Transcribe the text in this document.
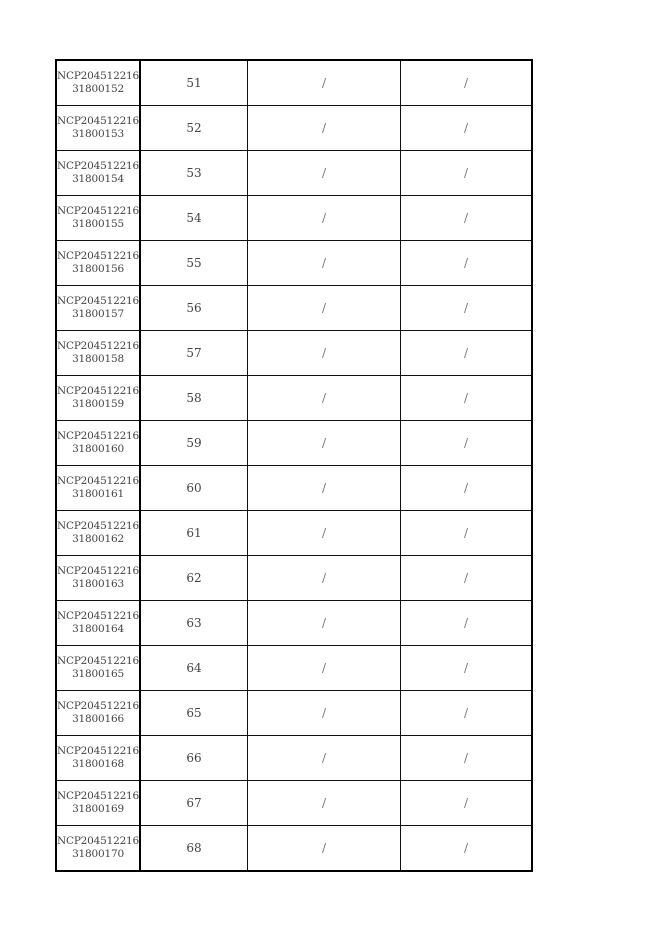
NCP204512216
31800152	51	/	/

NCP204512216
31800153	52	/	/

NCP204512216
31800154	53	/	/

NCP204512216
31800155	54	/	/

NCP204512216
31800156	55	/	/

NCP204512216
31800157	56	/	/

NCP204512216
31800158	57	/	/

NCP204512216
31800159	58	/	/

NCP204512216
31800160	59	/	/

NCP204512216
31800161	60	/	/

NCP204512216
31800162	61	/	/

NCP204512216
31800163	62	/	/

NCP204512216
31800164	63	/	/

NCP204512216
31800165	64	/	/

NCP204512216
31800166	65	/	/

NCP204512216
31800168	66	/	/

NCP204512216
31800169	67	/	/

NCP204512216
31800170	68	/	/
